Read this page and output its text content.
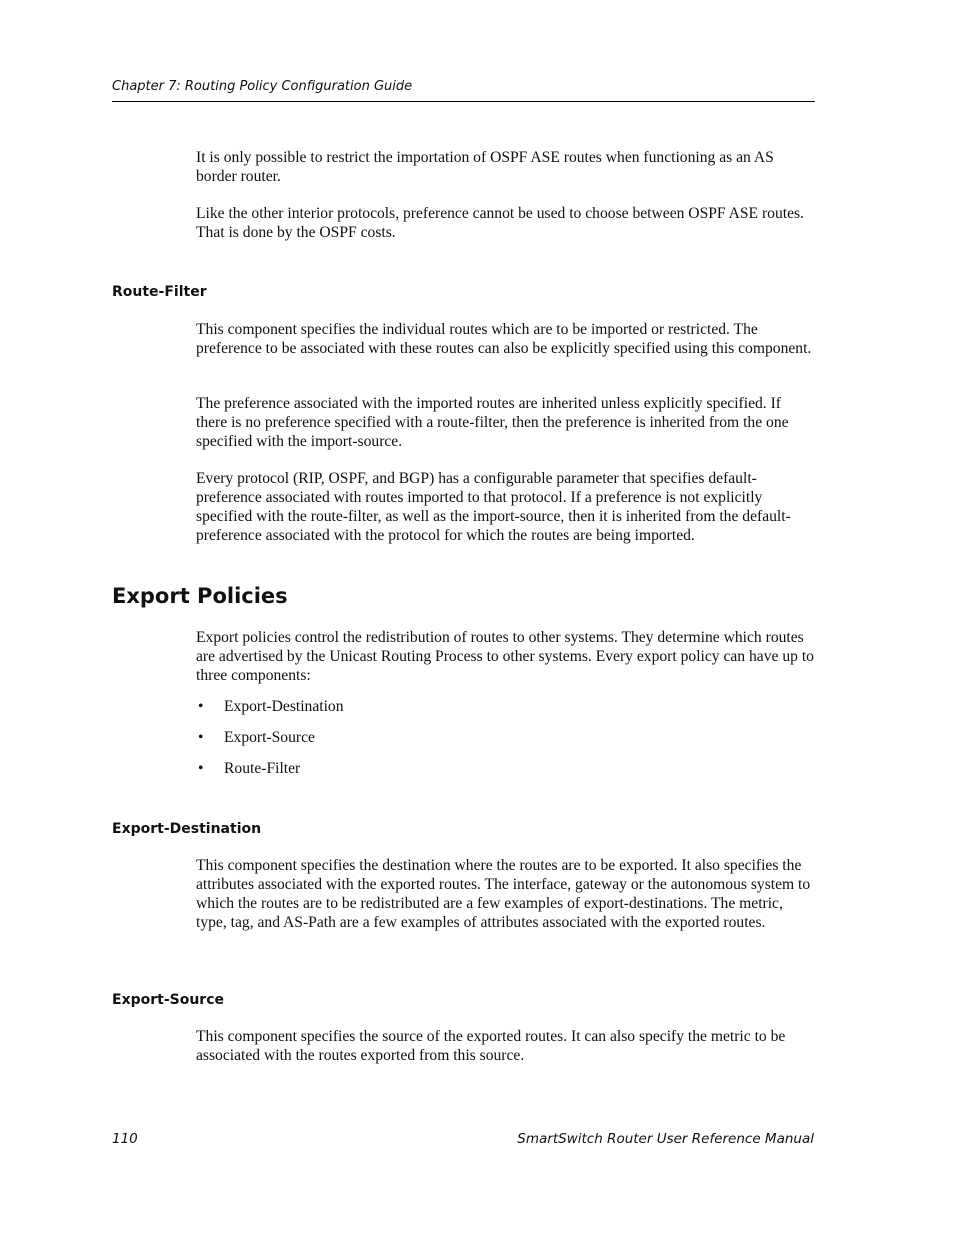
Chapter 7: Routing Policy Configuration Guide

It is only possible to restrict the importation of OSPF ASE routes when functioning as an AS border router.

Like the other interior protocols, preference cannot be used to choose between OSPF ASE routes. That is done by the OSPF costs.

Route-Filter

This component specifies the individual routes which are to be imported or restricted. The preference to be associated with these routes can also be explicitly specified using this component.

The preference associated with the imported routes are inherited unless explicitly specified. If there is no preference specified with a route-filter, then the preference is inherited from the one specified with the import-source.

Every protocol (RIP, OSPF, and BGP) has a configurable parameter that specifies default-preference associated with routes imported to that protocol. If a preference is not explicitly specified with the route-filter, as well as the import-source, then it is inherited from the default-preference associated with the protocol for which the routes are being imported.

Export Policies

Export policies control the redistribution of routes to other systems. They determine which routes are advertised by the Unicast Routing Process to other systems. Every export policy can have up to three components:

• Export-Destination
• Export-Source
• Route-Filter
Export-Destination

This component specifies the destination where the routes are to be exported. It also specifies the attributes associated with the exported routes. The interface, gateway or the autonomous system to which the routes are to be redistributed are a few examples of export-destinations. The metric, type, tag, and AS-Path are a few examples of attributes associated with the exported routes.

Export-Source

This component specifies the source of the exported routes. It can also specify the metric to be associated with the routes exported from this source.

110	SmartSwitch Router User Reference Manual
